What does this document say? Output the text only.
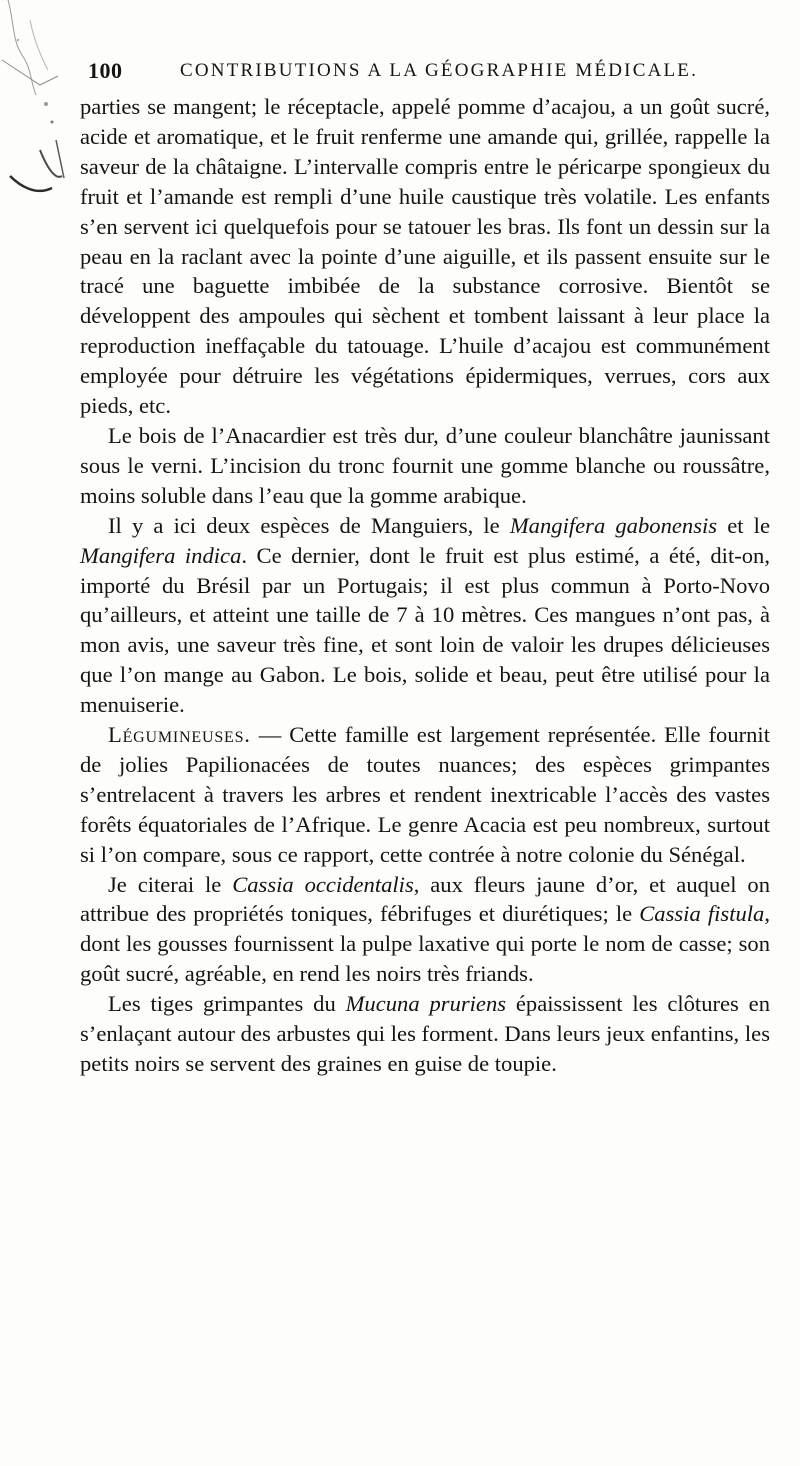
100	CONTRIBUTIONS A LA GÉOGRAPHIE MÉDICALE.

parties se mangent; le réceptacle, appelé pomme d’acajou, a un goût sucré, acide et aromatique, et le fruit renferme une amande qui, grillée, rappelle la saveur de la châtaigne. L’intervalle compris entre le péricarpe spongieux du fruit et l’amande est rempli d’une huile caustique très volatile. Les enfants s’en servent ici quelquefois pour se tatouer les bras. Ils font un dessin sur la peau en la raclant avec la pointe d’une aiguille, et ils passent ensuite sur le tracé une baguette imbibée de la substance corrosive. Bientôt se développent des ampoules qui sèchent et tombent laissant à leur place la reproduction ineffaçable du tatouage. L’huile d’acajou est communément employée pour détruire les végétations épidermiques, verrues, cors aux pieds, etc.

Le bois de l’Anacardier est très dur, d’une couleur blanchâtre jaunissant sous le verni. L’incision du tronc fournit une gomme blanche ou roussâtre, moins soluble dans l’eau que la gomme arabique.

Il y a ici deux espèces de Manguiers, le Mangifera gabonensis et le Mangifera indica. Ce dernier, dont le fruit est plus estimé, a été, dit-on, importé du Brésil par un Portugais; il est plus commun à Porto-Novo qu’ailleurs, et atteint une taille de 7 à 10 mètres. Ces mangues n’ont pas, à mon avis, une saveur très fine, et sont loin de valoir les drupes délicieuses que l’on mange au Gabon. Le bois, solide et beau, peut être utilisé pour la menuiserie.

Légumineuses. — Cette famille est largement représentée. Elle fournit de jolies Papilionacées de toutes nuances; des espèces grimpantes s’entrelacent à travers les arbres et rendent inextricable l’accès des vastes forêts équatoriales de l’Afrique. Le genre Acacia est peu nombreux, surtout si l’on compare, sous ce rapport, cette contrée à notre colonie du Sénégal.

Je citerai le Cassia occidentalis, aux fleurs jaune d’or, et auquel on attribue des propriétés toniques, fébrifuges et diurétiques; le Cassia fistula, dont les gousses fournissent la pulpe laxative qui porte le nom de casse; son goût sucré, agréable, en rend les noirs très friands.

Les tiges grimpantes du Mucuna pruriens épaississent les clôtures en s’enlaçant autour des arbustes qui les forment. Dans leurs jeux enfantins, les petits noirs se servent des graines en guise de toupie.
